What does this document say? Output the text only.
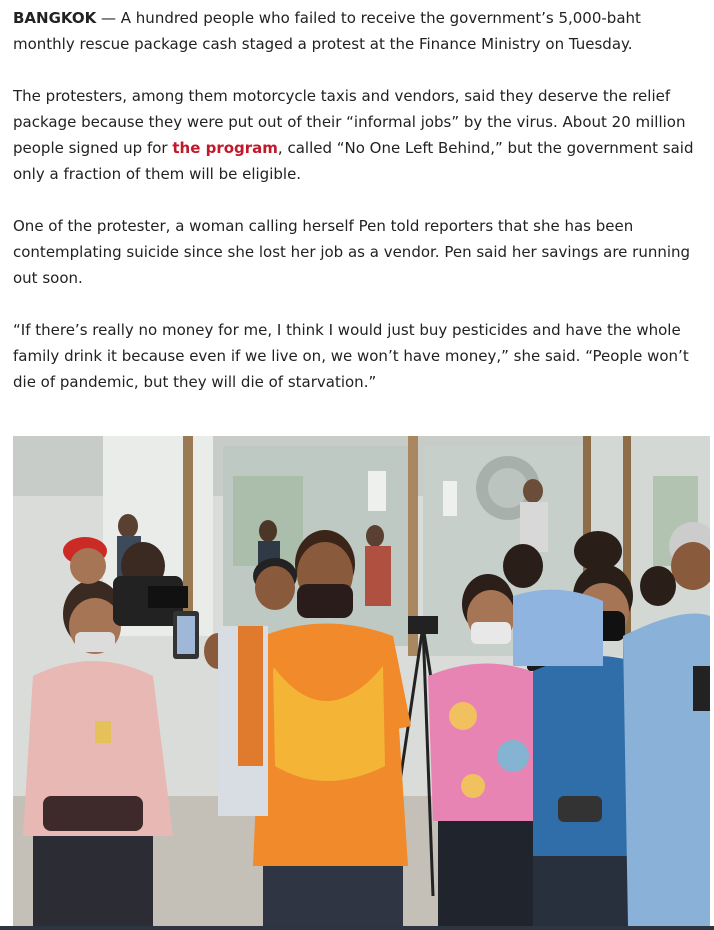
BANGKOK — A hundred people who failed to receive the government’s 5,000-baht monthly rescue package cash staged a protest at the Finance Ministry on Tuesday.

The protesters, among them motorcycle taxis and vendors, said they deserve the relief package because they were put out of their “informal jobs” by the virus. About 20 million people signed up for the program, called “No One Left Behind,” but the government said only a fraction of them will be eligible.

One of the protester, a woman calling herself Pen told reporters that she has been contemplating suicide since she lost her job as a vendor. Pen said her savings are running out soon.

“If there’s really no money for me, I think I would just buy pesticides and have the whole family drink it because even if we live on, we won’t have money,” she said. “People won’t die of pandemic, but they will die of starvation.”
